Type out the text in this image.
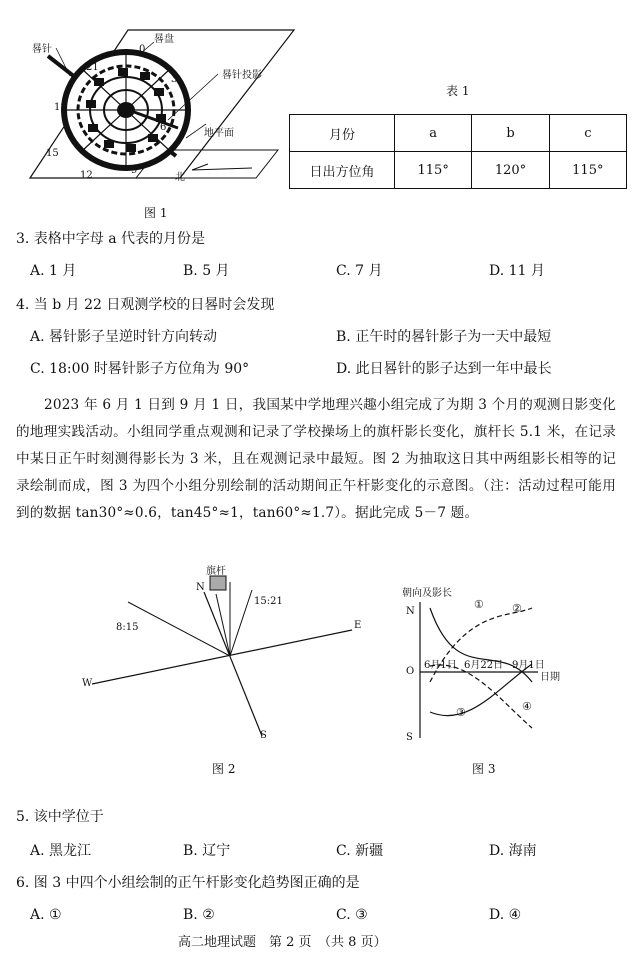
晷针
晷盘
晷针投影
地平面
北
0
3
6
9
12
15
18
21
图 1
表 1
月份	a	b	c
日出方位角	115°	120°	115°
3. 表格中字母 a 代表的月份是
A. 1 月	B. 5 月	C. 7 月	D. 11 月
4. 当 b 月 22 日观测学校的日晷时会发现
A. 晷针影子呈逆时针方向转动	B. 正午时的晷针影子为一天中最短
C. 18:00 时晷针影子方位角为 90°	D. 此日晷针的影子达到一年中最长
2023 年 6 月 1 日到 9 月 1 日，我国某中学地理兴趣小组完成了为期 3 个月的观测日影变化的地理实践活动。小组同学重点观测和记录了学校操场上的旗杆影长变化，旗杆长 5.1 米，在记录中某日正午时刻测得影长为 3 米，且在观测记录中最短。图 2 为抽取这日其中两组影长相等的记录绘制而成，图 3 为四个小组分别绘制的活动期间正午杆影变化的示意图。（注：活动过程可能用到的数据 tan30°≈0.6，tan45°≈1，tan60°≈1.7）。据此完成 5－7 题。
旗杆
N
S
W
E
8:15
15:21
图 2
朝向及影长
N
O
S
6月1日 6月22日 9月1日
日期
①	②
③	④
图 3
5. 该中学位于
A. 黑龙江	B. 辽宁	C. 新疆	D. 海南
6. 图 3 中四个小组绘制的正午杆影变化趋势图正确的是
A. ①	B. ②	C. ③	D. ④
高二地理试题　第 2 页　（共 8 页）
